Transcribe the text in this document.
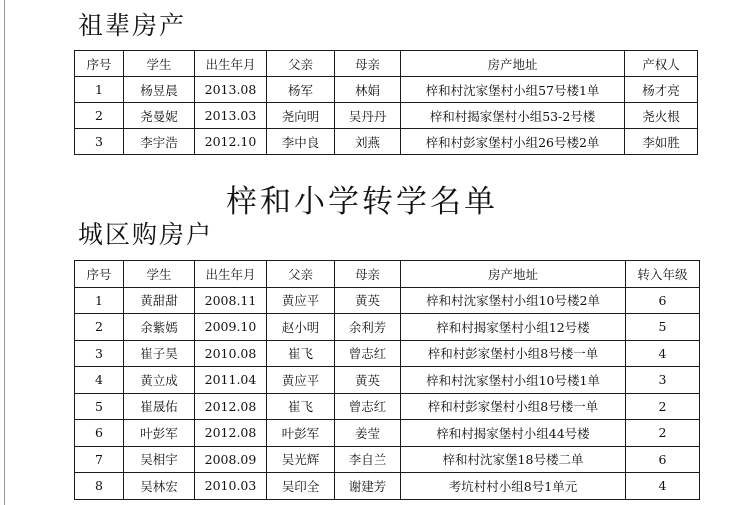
祖辈房产
序号	学生	出生年月	父亲	母亲	房产地址	产权人
1	杨昱晨	2013.08	杨军	林娟	梓和村沈家堡村小组57号楼1单	杨才亮
2	尧曼妮	2013.03	尧向明	吴丹丹	梓和村揭家堡村小组53-2号楼	尧火根
3	李宇浩	2012.10	李中良	刘燕	梓和村彭家堡村小组26号楼2单	李如胜
梓和小学转学名单
城区购房户
序号	学生	出生年月	父亲	母亲	房产地址	转入年级
1	黄甜甜	2008.11	黄应平	黄英	梓和村沈家堡村小组10号楼2单	6
2	余紫嫣	2009.10	赵小明	余利芳	梓和村揭家堡村小组12号楼	5
3	崔子昊	2010.08	崔飞	曾志红	梓和村彭家堡村小组8号楼一单	4
4	黄立成	2011.04	黄应平	黄英	梓和村沈家堡村小组10号楼1单	3
5	崔晟佑	2012.08	崔飞	曾志红	梓和村彭家堡村小组8号楼一单	2
6	叶彭军	2012.08	叶彭军	姜莹	梓和村揭家堡村小组44号楼	2
7	吴相宇	2008.09	吴光辉	李自兰	梓和村沈家堡18号楼二单	6
8	吴林宏	2010.03	吴印全	谢建芳	考坑村村小组8号1单元	4
